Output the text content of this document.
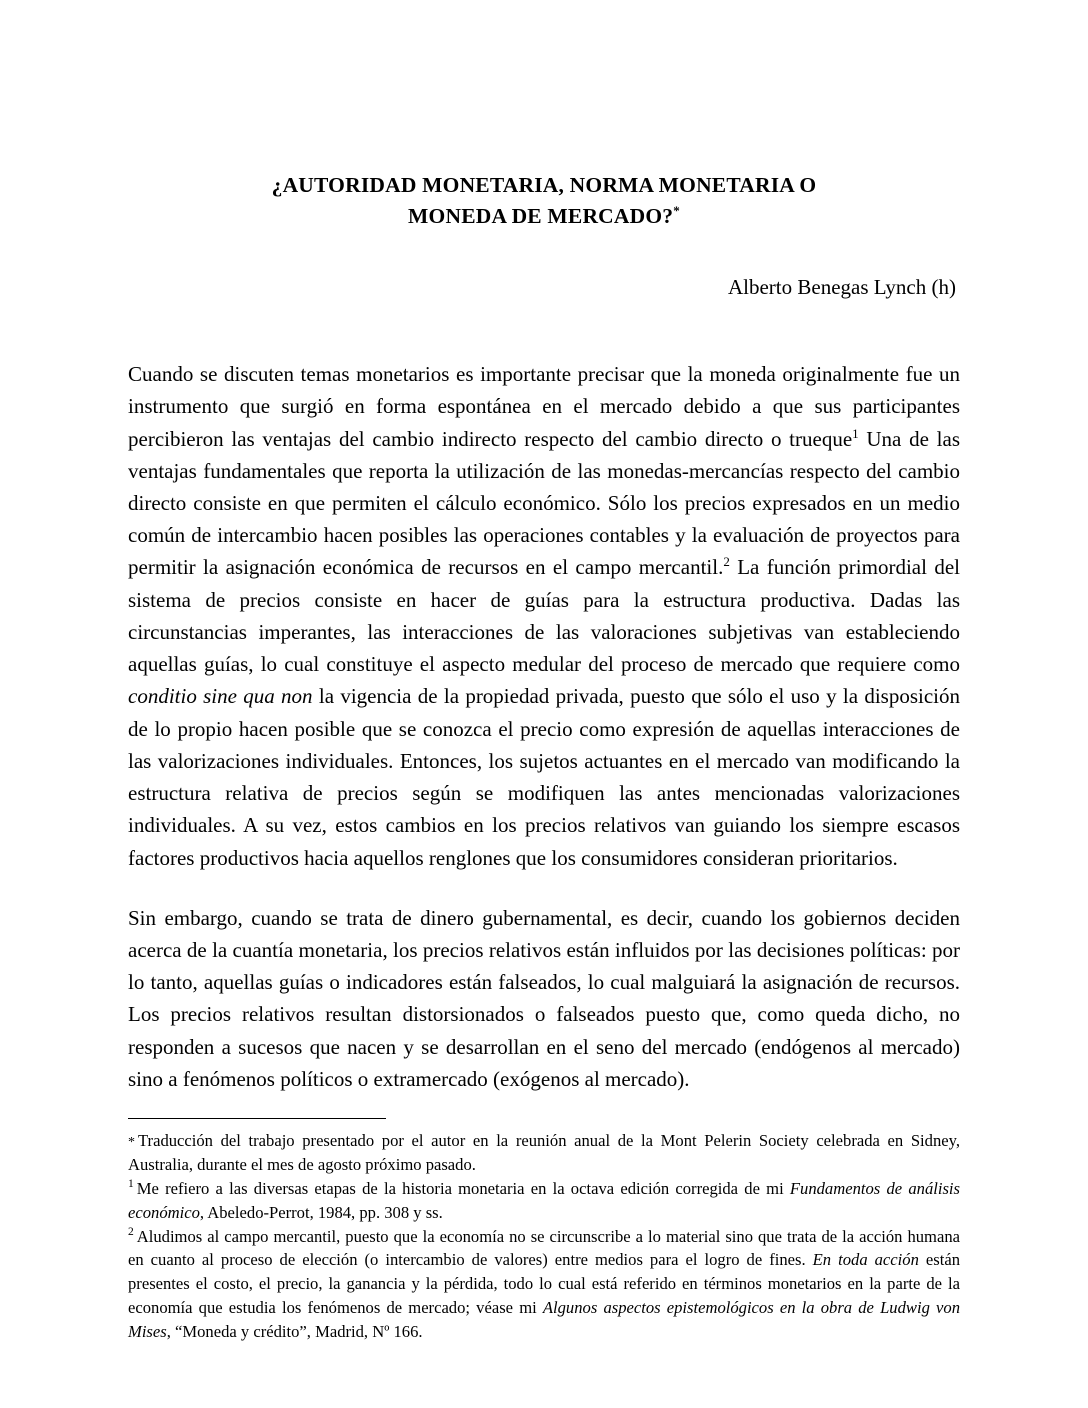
¿AUTORIDAD MONETARIA, NORMA MONETARIA O
MONEDA DE MERCADO?*
Alberto Benegas Lynch (h)

Cuando se discuten temas monetarios es importante precisar que la moneda originalmente fue un instrumento que surgió en forma espontánea en el mercado debido a que sus participantes percibieron las ventajas del cambio indirecto respecto del cambio directo o trueque$^1$ Una de las ventajas fundamentales que reporta la utilización de las monedas-mercancías respecto del cambio directo consiste en que permiten el cálculo económico. Sólo los precios expresados en un medio común de intercambio hacen posibles las operaciones contables y la evaluación de proyectos para permitir la asignación económica de recursos en el campo mercantil.$^2$ La función primordial del sistema de precios consiste en hacer de guías para la estructura productiva. Dadas las circunstancias imperantes, las interacciones de las valoraciones subjetivas van estableciendo aquellas guías, lo cual constituye el aspecto medular del proceso de mercado que requiere como conditio sine qua non la vigencia de la propiedad privada, puesto que sólo el uso y la disposición de lo propio hacen posible que se conozca el precio como expresión de aquellas interacciones de las valorizaciones individuales. Entonces, los sujetos actuantes en el mercado van modificando la estructura relativa de precios según se modifiquen las antes mencionadas valorizaciones individuales. A su vez, estos cambios en los precios relativos van guiando los siempre escasos factores productivos hacia aquellos renglones que los consumidores consideran prioritarios.

Sin embargo, cuando se trata de dinero gubernamental, es decir, cuando los gobiernos deciden acerca de la cuantía monetaria, los precios relativos están influidos por las decisiones políticas: por lo tanto, aquellas guías o indicadores están falseados, lo cual malguiará la asignación de recursos. Los precios relativos resultan distorsionados o falseados puesto que, como queda dicho, no responden a sucesos que nacen y se desarrollan en el seno del mercado (endógenos al mercado) sino a fenómenos políticos o extramercado (exógenos al mercado).

* Traducción del trabajo presentado por el autor en la reunión anual de la Mont Pelerin Society celebrada en Sidney, Australia, durante el mes de agosto próximo pasado.

$^1$ Me refiero a las diversas etapas de la historia monetaria en la octava edición corregida de mi Fundamentos de análisis económico, Abeledo-Perrot, 1984, pp. 308 y ss.

$^2$ Aludimos al campo mercantil, puesto que la economía no se circunscribe a lo material sino que trata de la acción humana en cuanto al proceso de elección (o intercambio de valores) entre medios para el logro de fines. En toda acción están presentes el costo, el precio, la ganancia y la pérdida, todo lo cual está referido en términos monetarios en la parte de la economía que estudia los fenómenos de mercado; véase mi Algunos aspectos epistemológicos en la obra de Ludwig von Mises, “Moneda y crédito”, Madrid, Nº 166.
